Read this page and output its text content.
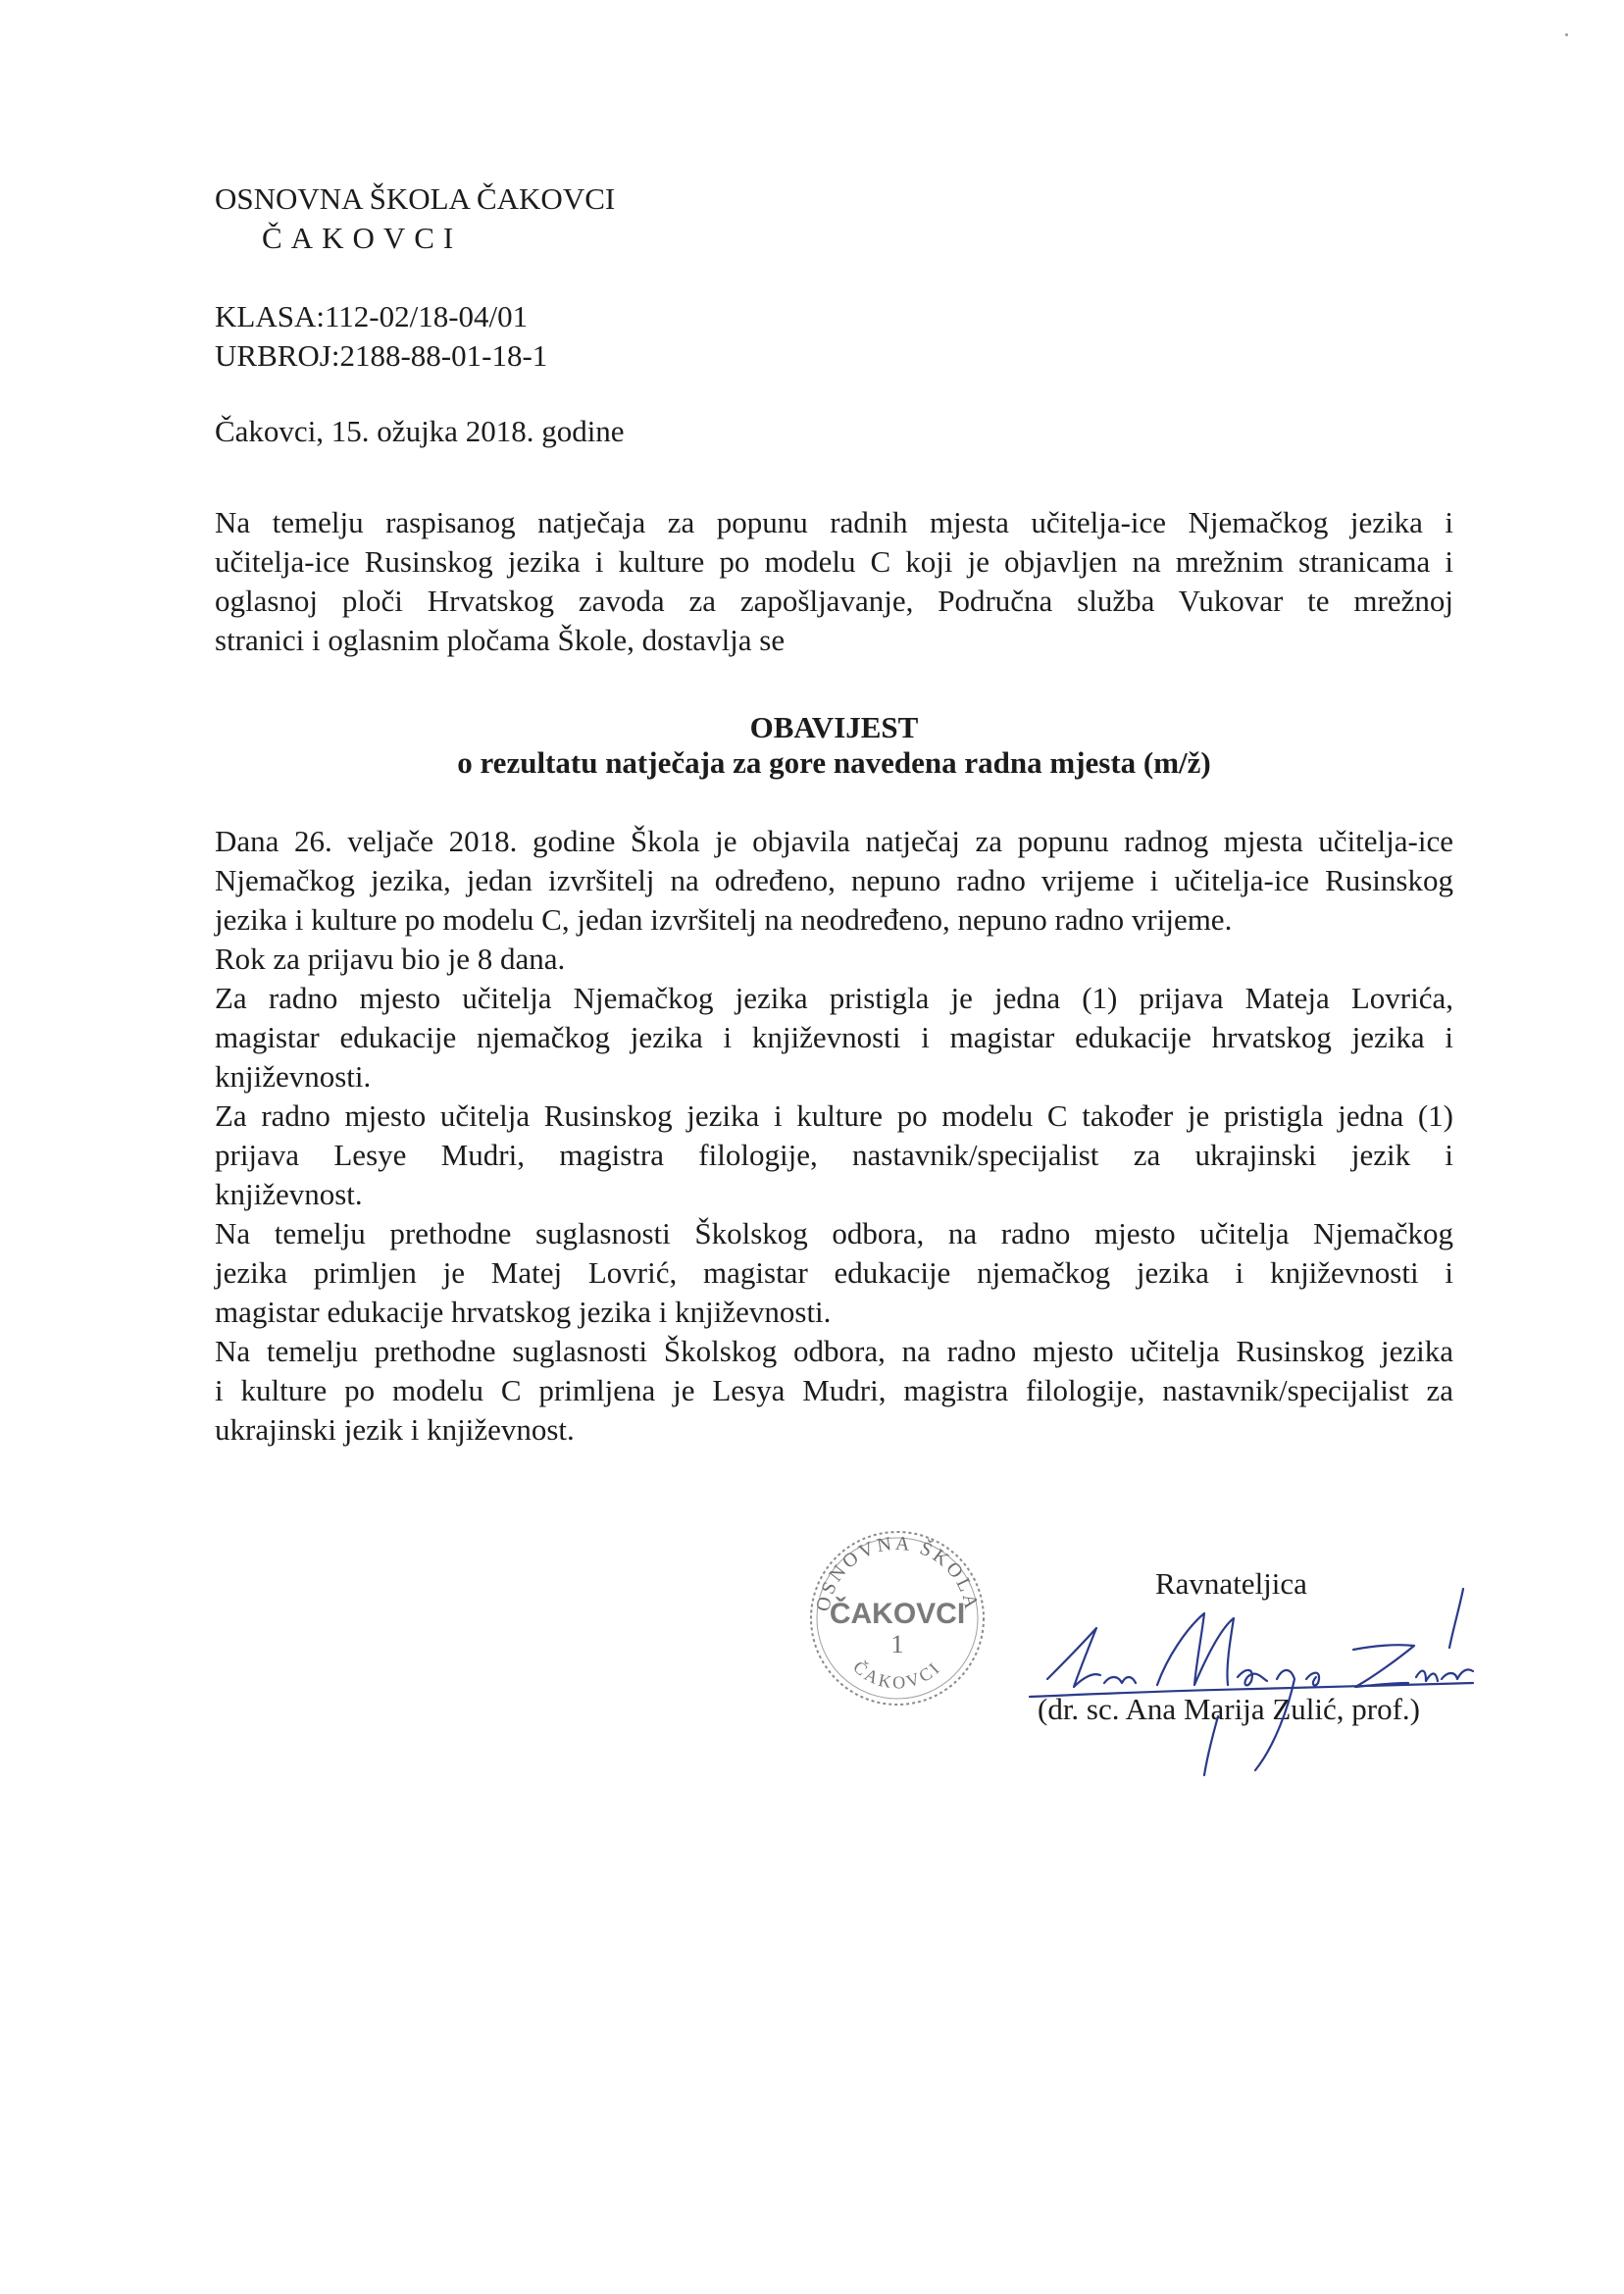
OSNOVNA ŠKOLA ČAKOVCI
ČAKOVCI
KLASA:112-02/18-04/01
URBROJ:2188-88-01-18-1
Čakovci, 15. ožujka 2018. godine

Na temelju raspisanog natječaja za popunu radnih mjesta učitelja-ice Njemačkog jezika i

učitelja-ice Rusinskog jezika i kulture po modelu C koji je objavljen na mrežnim stranicama i

oglasnoj ploči Hrvatskog zavoda za zapošljavanje, Područna služba Vukovar te mrežnoj

stranici i oglasnim pločama Škole, dostavlja se

OBAVIJEST
o rezultatu natječaja za gore navedena radna mjesta (m/ž)

Dana 26. veljače 2018. godine Škola je objavila natječaj za popunu radnog mjesta učitelja-ice

Njemačkog jezika, jedan izvršitelj na određeno, nepuno radno vrijeme i učitelja-ice Rusinskog

jezika i kulture po modelu C, jedan izvršitelj na neodređeno, nepuno radno vrijeme.

Rok za prijavu bio je 8 dana.

Za radno mjesto učitelja Njemačkog jezika pristigla je jedna (1) prijava Mateja Lovrića,

magistar edukacije njemačkog jezika i književnosti i magistar edukacije hrvatskog jezika i

književnosti.

Za radno mjesto učitelja Rusinskog jezika i kulture po modelu C također je pristigla jedna (1)

prijava Lesye Mudri, magistra filologije, nastavnik/specijalist za ukrajinski jezik i

književnost.

Na temelju prethodne suglasnosti Školskog odbora, na radno mjesto učitelja Njemačkog

jezika primljen je Matej Lovrić, magistar edukacije njemačkog jezika i književnosti i

magistar edukacije hrvatskog jezika i književnosti.

Na temelju prethodne suglasnosti Školskog odbora, na radno mjesto učitelja Rusinskog jezika

i kulture po modelu C primljena je Lesya Mudri, magistra filologije, nastavnik/specijalist za

ukrajinski jezik i književnost.

OSNOVNA ŠKOLA
ČAKOVCI
1
ČAKOVCI
Ravnateljica
(dr. sc. Ana Marija Zulić, prof.)
